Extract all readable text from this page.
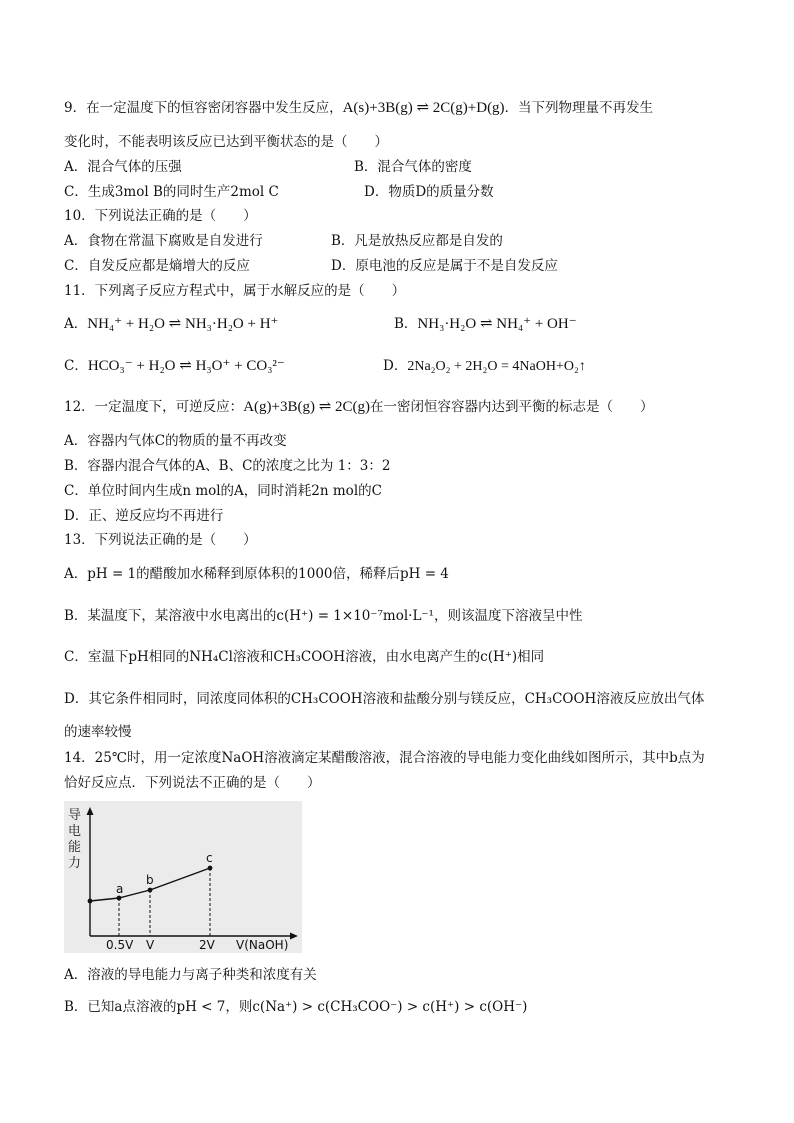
9．在一定温度下的恒容密闭容器中发生反应，A(s)+3B(g) ⇌ 2C(g)+D(g)．当下列物理量不再发生
变化时，不能表明该反应已达到平衡状态的是（　　）
A．混合气体的压强	B．混合气体的密度
C．生成3mol B的同时生产2mol C	D．物质D的质量分数
10．下列说法正确的是（　　）
A．食物在常温下腐败是自发进行	B．凡是放热反应都是自发的
C．自发反应都是熵增大的反应	D．原电池的反应是属于不是自发反应
11．下列离子反应方程式中，属于水解反应的是（　　）
A．NH₄⁺ + H₂O ⇌ NH₃·H₂O + H⁺	B．NH₃·H₂O ⇌ NH₄⁺ + OH⁻
C．HCO₃⁻ + H₂O ⇌ H₃O⁺ + CO₃²⁻	D．2Na₂O₂ + 2H₂O = 4NaOH+O₂↑
12．一定温度下，可逆反应：A(g)+3B(g) ⇌ 2C(g)在一密闭恒容容器内达到平衡的标志是（　　）
A．容器内气体C的物质的量不再改变
B．容器内混合气体的A、B、C的浓度之比为 1：3：2
C．单位时间内生成n mol的A，同时消耗2n mol的C
D．正、逆反应均不再进行
13．下列说法正确的是（　　）
A．pH = 1的醋酸加水稀释到原体积的1000倍，稀释后pH = 4
B．某温度下，某溶液中水电离出的c(H⁺) = 1×10⁻⁷mol·L⁻¹，则该温度下溶液呈中性
C．室温下pH相同的NH₄Cl溶液和CH₃COOH溶液，由水电离产生的c(H⁺)相同
D．其它条件相同时，同浓度同体积的CH₃COOH溶液和盐酸分别与镁反应，CH₃COOH溶液反应放出气体
的速率较慢
14．25℃时，用一定浓度NaOH溶液滴定某醋酸溶液，混合溶液的导电能力变化曲线如图所示，其中b点为
恰好反应点．下列说法不正确的是（　　）
a
b
c
0.5V V	2V V(NaOH)
导电能力
A．溶液的导电能力与离子种类和浓度有关
B．已知a点溶液的pH < 7，则c(Na⁺) > c(CH₃COO⁻) > c(H⁺) > c(OH⁻)
